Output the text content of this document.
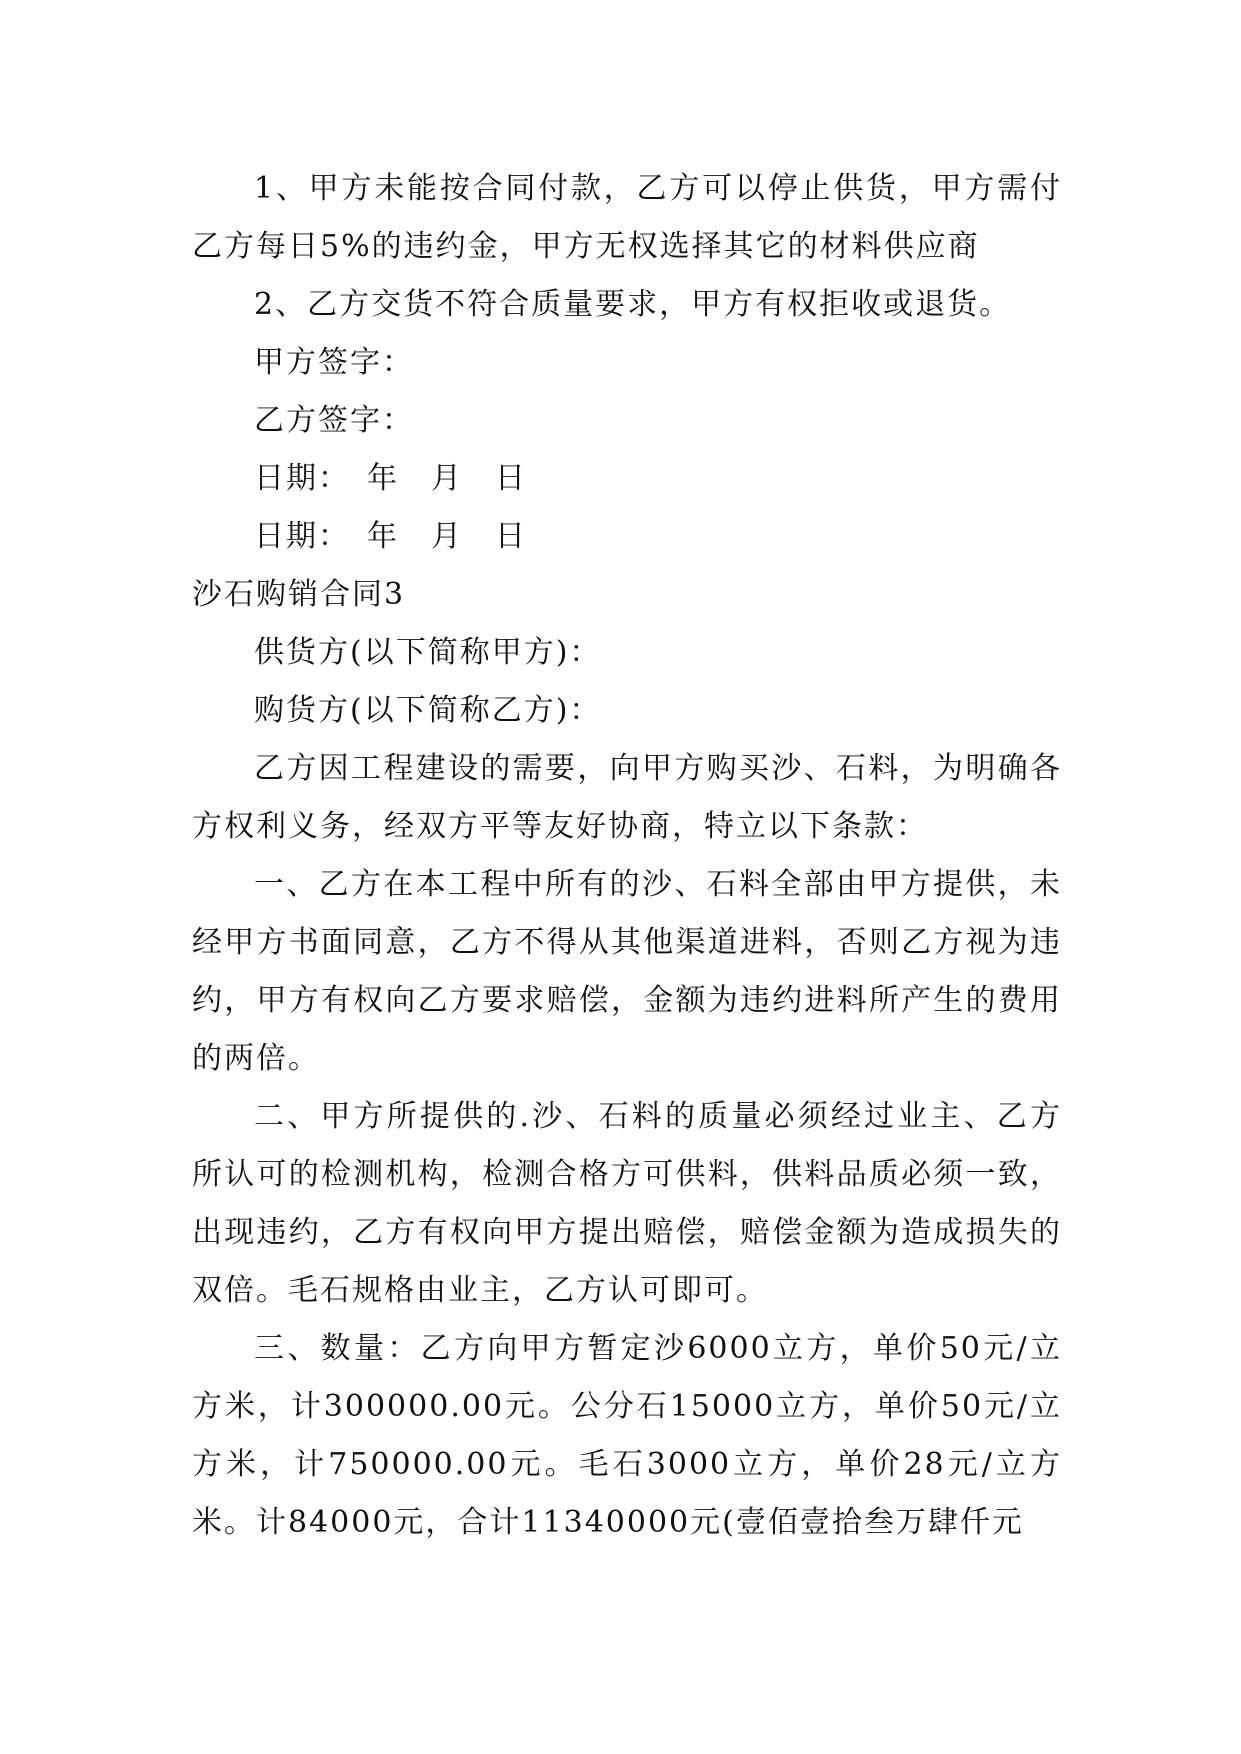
1、甲方未能按合同付款，乙方可以停止供货，甲方需付乙方每日5%的违约金，甲方无权选择其它的材料供应商

2、乙方交货不符合质量要求，甲方有权拒收或退货。

甲方签字：

乙方签字：

日期：　年　月　日

日期：　年　月　日

沙石购销合同3

供货方(以下简称甲方)：

购货方(以下简称乙方)：

乙方因工程建设的需要，向甲方购买沙、石料，为明确各方权利义务，经双方平等友好协商，特立以下条款：

一、乙方在本工程中所有的沙、石料全部由甲方提供，未经甲方书面同意，乙方不得从其他渠道进料，否则乙方视为违约，甲方有权向乙方要求赔偿，金额为违约进料所产生的费用的两倍。

二、甲方所提供的.沙、石料的质量必须经过业主、乙方所认可的检测机构，检测合格方可供料，供料品质必须一致，出现违约，乙方有权向甲方提出赔偿，赔偿金额为造成损失的双倍。毛石规格由业主，乙方认可即可。

三、数量：乙方向甲方暂定沙6000立方，单价50元/立方米，计300000.00元。公分石15000立方，单价50元/立方米，计750000.00元。毛石3000立方，单价28元/立方米。计84000元，合计11340000元(壹佰壹拾叁万肆仟元
